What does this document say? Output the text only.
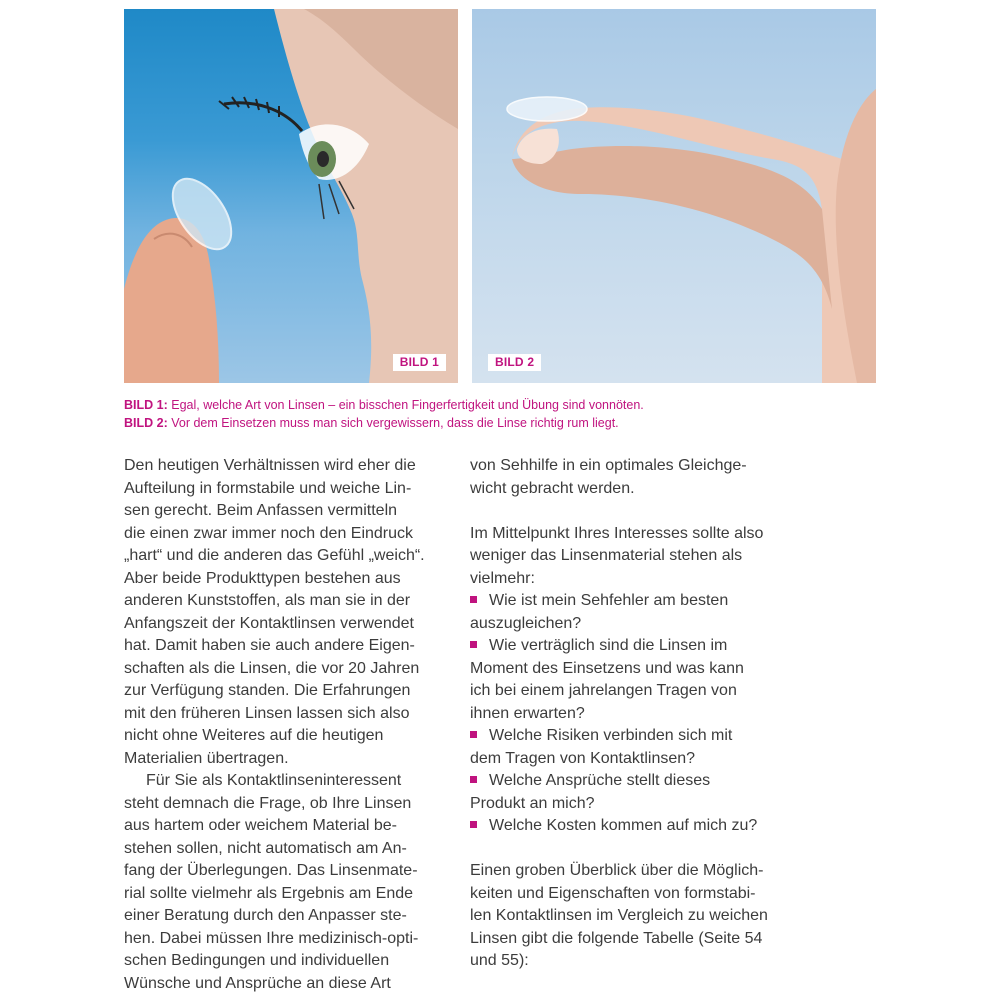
BILD 1	BILD 2
BILD 1: Egal, welche Art von Linsen – ein bisschen Fingerfertigkeit und Übung sind vonnöten.
BILD 2: Vor dem Einsetzen muss man sich vergewissern, dass die Linse richtig rum liegt.

Den heutigen Verhältnissen wird eher die
Aufteilung in formstabile und weiche Lin-
sen gerecht. Beim Anfassen vermitteln
die einen zwar immer noch den Eindruck
„hart“ und die anderen das Gefühl „weich“.
Aber beide Produkttypen bestehen aus
anderen Kunststoffen, als man sie in der
Anfangszeit der Kontaktlinsen verwendet
hat. Damit haben sie auch andere Eigen-
schaften als die Linsen, die vor 20 Jahren
zur Verfügung standen. Die Erfahrungen
mit den früheren Linsen lassen sich also
nicht ohne Weiteres auf die heutigen
Materialien übertragen.

Für Sie als Kontaktlinseninteressent
steht demnach die Frage, ob Ihre Linsen
aus hartem oder weichem Material be-
stehen sollen, nicht automatisch am An-
fang der Überlegungen. Das Linsenmate-
rial sollte vielmehr als Ergebnis am Ende
einer Beratung durch den Anpasser ste-
hen. Dabei müssen Ihre medizinisch-opti-
schen Bedingungen und individuellen
Wünsche und Ansprüche an diese Art

von Sehhilfe in ein optimales Gleichge-
wicht gebracht werden.

Im Mittelpunkt Ihres Interesses sollte also
weniger das Linsenmaterial stehen als
vielmehr:

Wie ist mein Sehfehler am besten
auszugleichen?
Wie verträglich sind die Linsen im
Moment des Einsetzens und was kann
ich bei einem jahrelangen Tragen von
ihnen erwarten?
Welche Risiken verbinden sich mit
dem Tragen von Kontaktlinsen?
Welche Ansprüche stellt dieses
Produkt an mich?
Welche Kosten kommen auf mich zu?

Einen groben Überblick über die Möglich-
keiten und Eigenschaften von formstabi-
len Kontaktlinsen im Vergleich zu weichen
Linsen gibt die folgende Tabelle (Seite 54
und 55):
